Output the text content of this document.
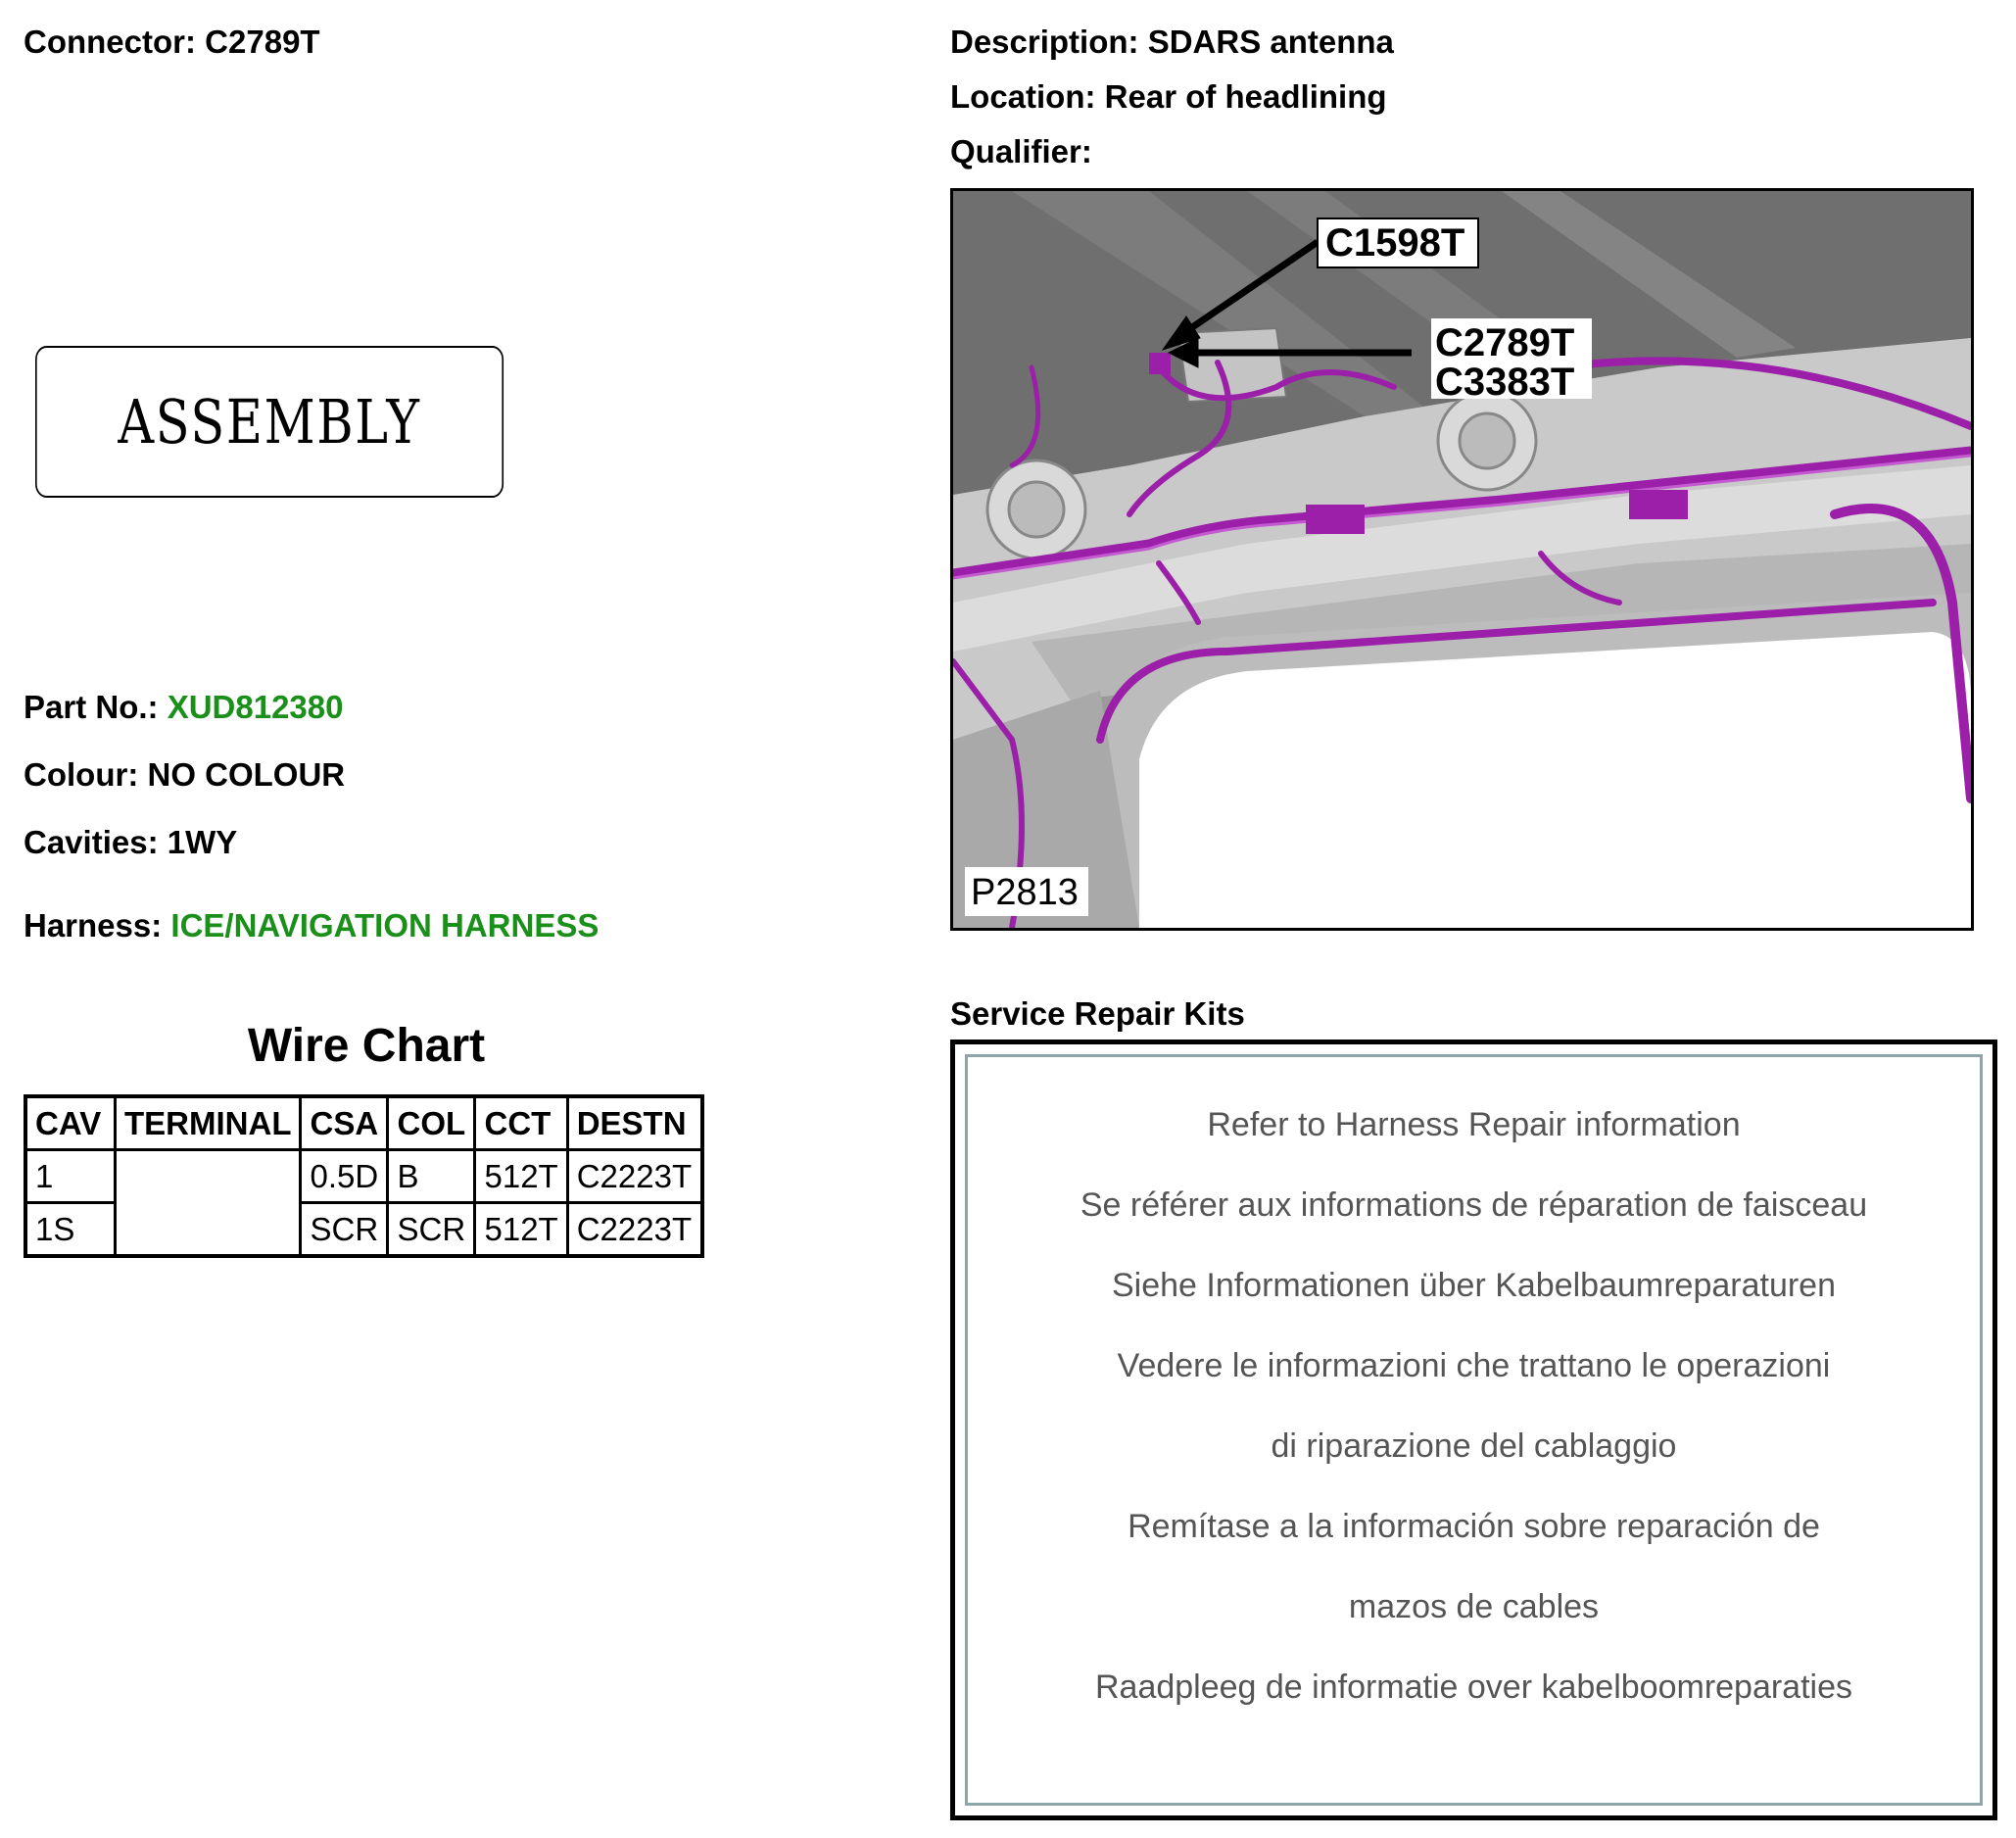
Connector: C2789T	Description: SDARS antenna
Location: Rear of headlining
Qualifier:
ASSEMBLY
Part No.: XUD812380
Colour: NO COLOUR
Cavities: 1WY
Harness: ICE/NAVIGATION HARNESS
Wire Chart
CAV	TERMINAL	CSA	COL	CCT	DESTN
1		0.5D	B	512T	C2223T
1S		SCR	SCR	512T	C2223T
C1598T
C2789T
C3383T
P2813
Service Repair Kits
Refer to Harness Repair information
Se référer aux informations de réparation de faisceau
Siehe Informationen über Kabelbaumreparaturen
Vedere le informazioni che trattano le operazioni
di riparazione del cablaggio
Remítase a la información sobre reparación de
mazos de cables
Raadpleeg de informatie over kabelboomreparaties
